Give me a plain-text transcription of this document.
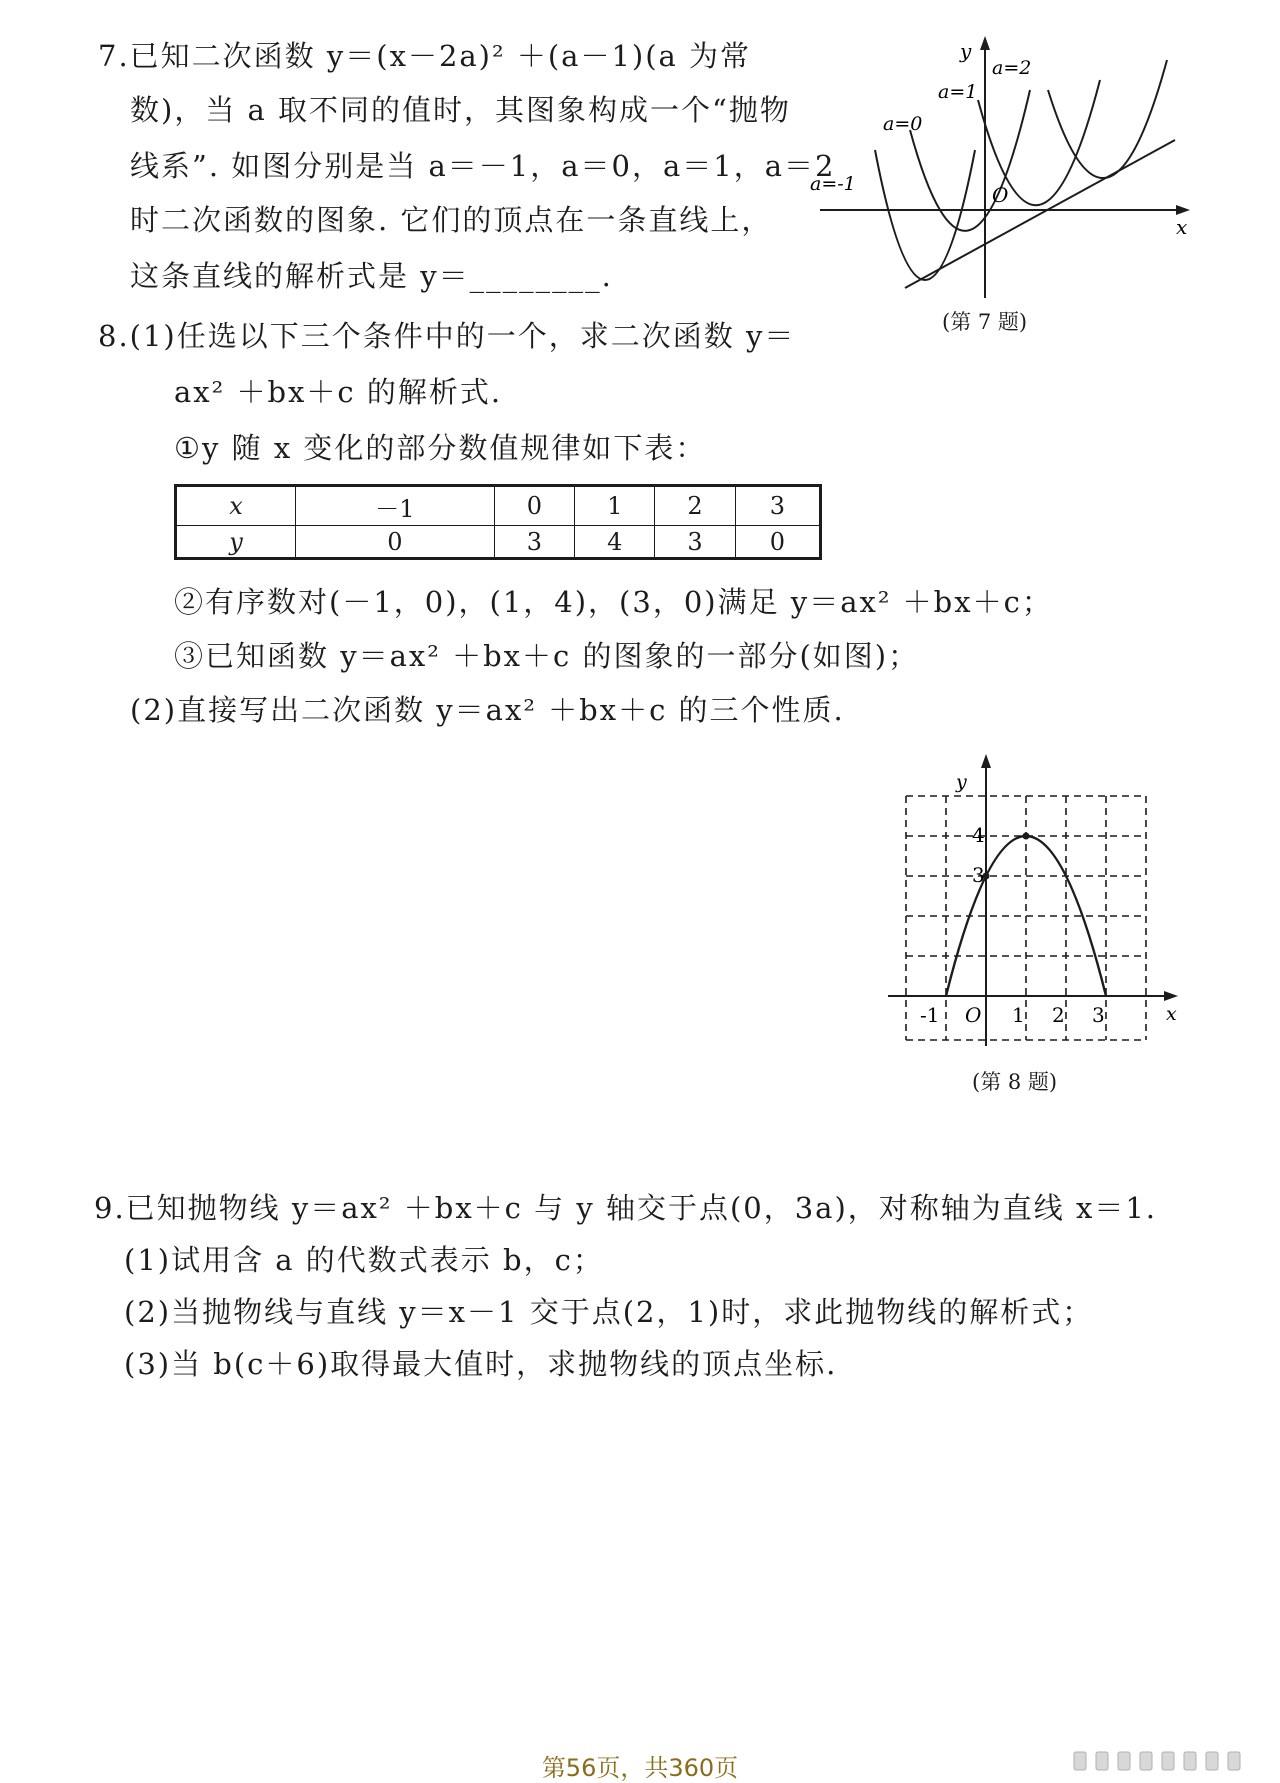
7.已知二次函数 y＝(x－2a)² ＋(a－1)(a 为常
数)，当 a 取不同的值时，其图象构成一个“抛物
线系”. 如图分别是当 a＝－1，a＝0，a＝1，a＝2
时二次函数的图象. 它们的顶点在一条直线上，
这条直线的解析式是 y＝________.
y
x
O
a=-1
a=0
a=1
a=2
(第 7 题)
8.(1)任选以下三个条件中的一个，求二次函数 y＝
ax² ＋bx＋c 的解析式.
①y 随 x 变化的部分数值规律如下表：
x	－1	0	1	2	3
y	0	3	4	3	0
②有序数对(－1，0)，(1，4)，(3，0)满足 y＝ax² ＋bx＋c；
③已知函数 y＝ax² ＋bx＋c 的图象的一部分(如图)；
(2)直接写出二次函数 y＝ax² ＋bx＋c 的三个性质.
y
x
O
-1	1 2 3
3
4
(第 8 题)
9.已知抛物线 y＝ax² ＋bx＋c 与 y 轴交于点(0，3a)，对称轴为直线 x＝1.
(1)试用含 a 的代数式表示 b，c；
(2)当抛物线与直线 y＝x－1 交于点(2，1)时，求此抛物线的解析式；
(3)当 b(c＋6)取得最大值时，求抛物线的顶点坐标.
第56页，共360页
